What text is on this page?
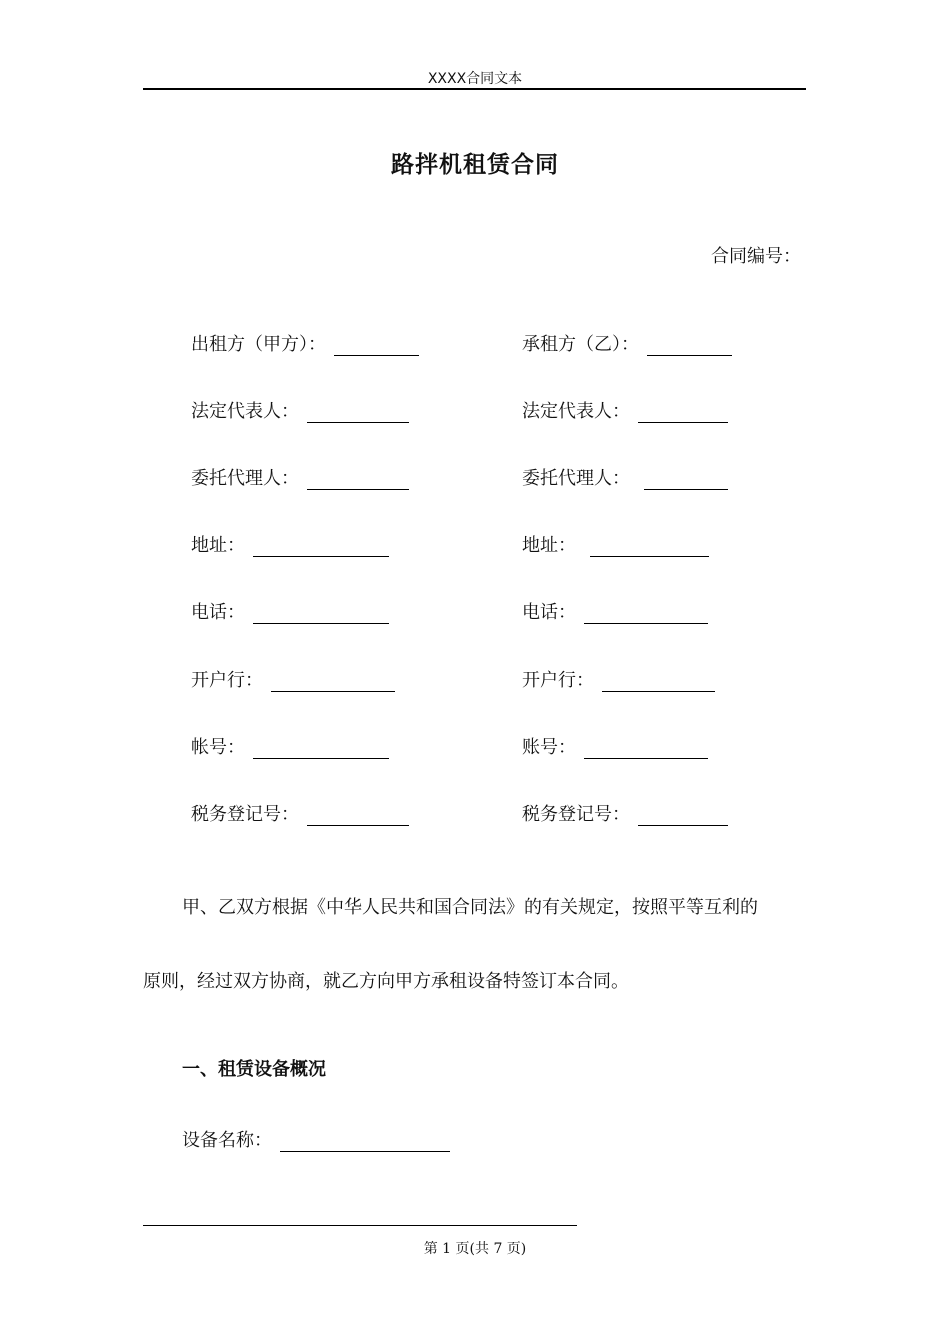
XXXX合同文本
路拌机租赁合同
合同编号：
出租方（甲方）：
法定代表人：
委托代理人：
地址：
电话：
开户行：
帐号：
税务登记号：
承租方（乙）：
法定代表人：
委托代理人：
地址：
电话：
开户行：
账号：
税务登记号：
甲、乙双方根据《中华人民共和国合同法》的有关规定，按照平等互利的
原则，经过双方协商，就乙方向甲方承租设备特签订本合同。
一、租赁设备概况
设备名称：
第 1 页(共 7 页)
